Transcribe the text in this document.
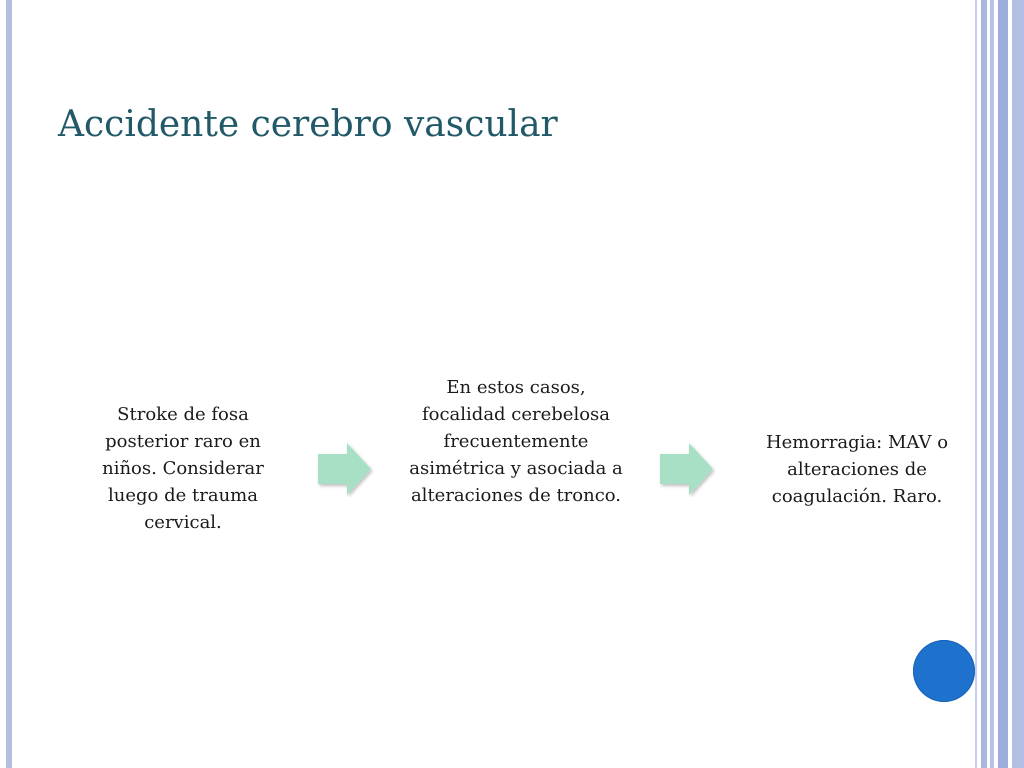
Accidente cerebro vascular

Stroke de fosa posterior raro en niños. Considerar luego de trauma cervical.

En estos casos, focalidad cerebelosa frecuentemente asimétrica y asociada a alteraciones de tronco.

Hemorragia: MAV o alteraciones de coagulación. Raro.
